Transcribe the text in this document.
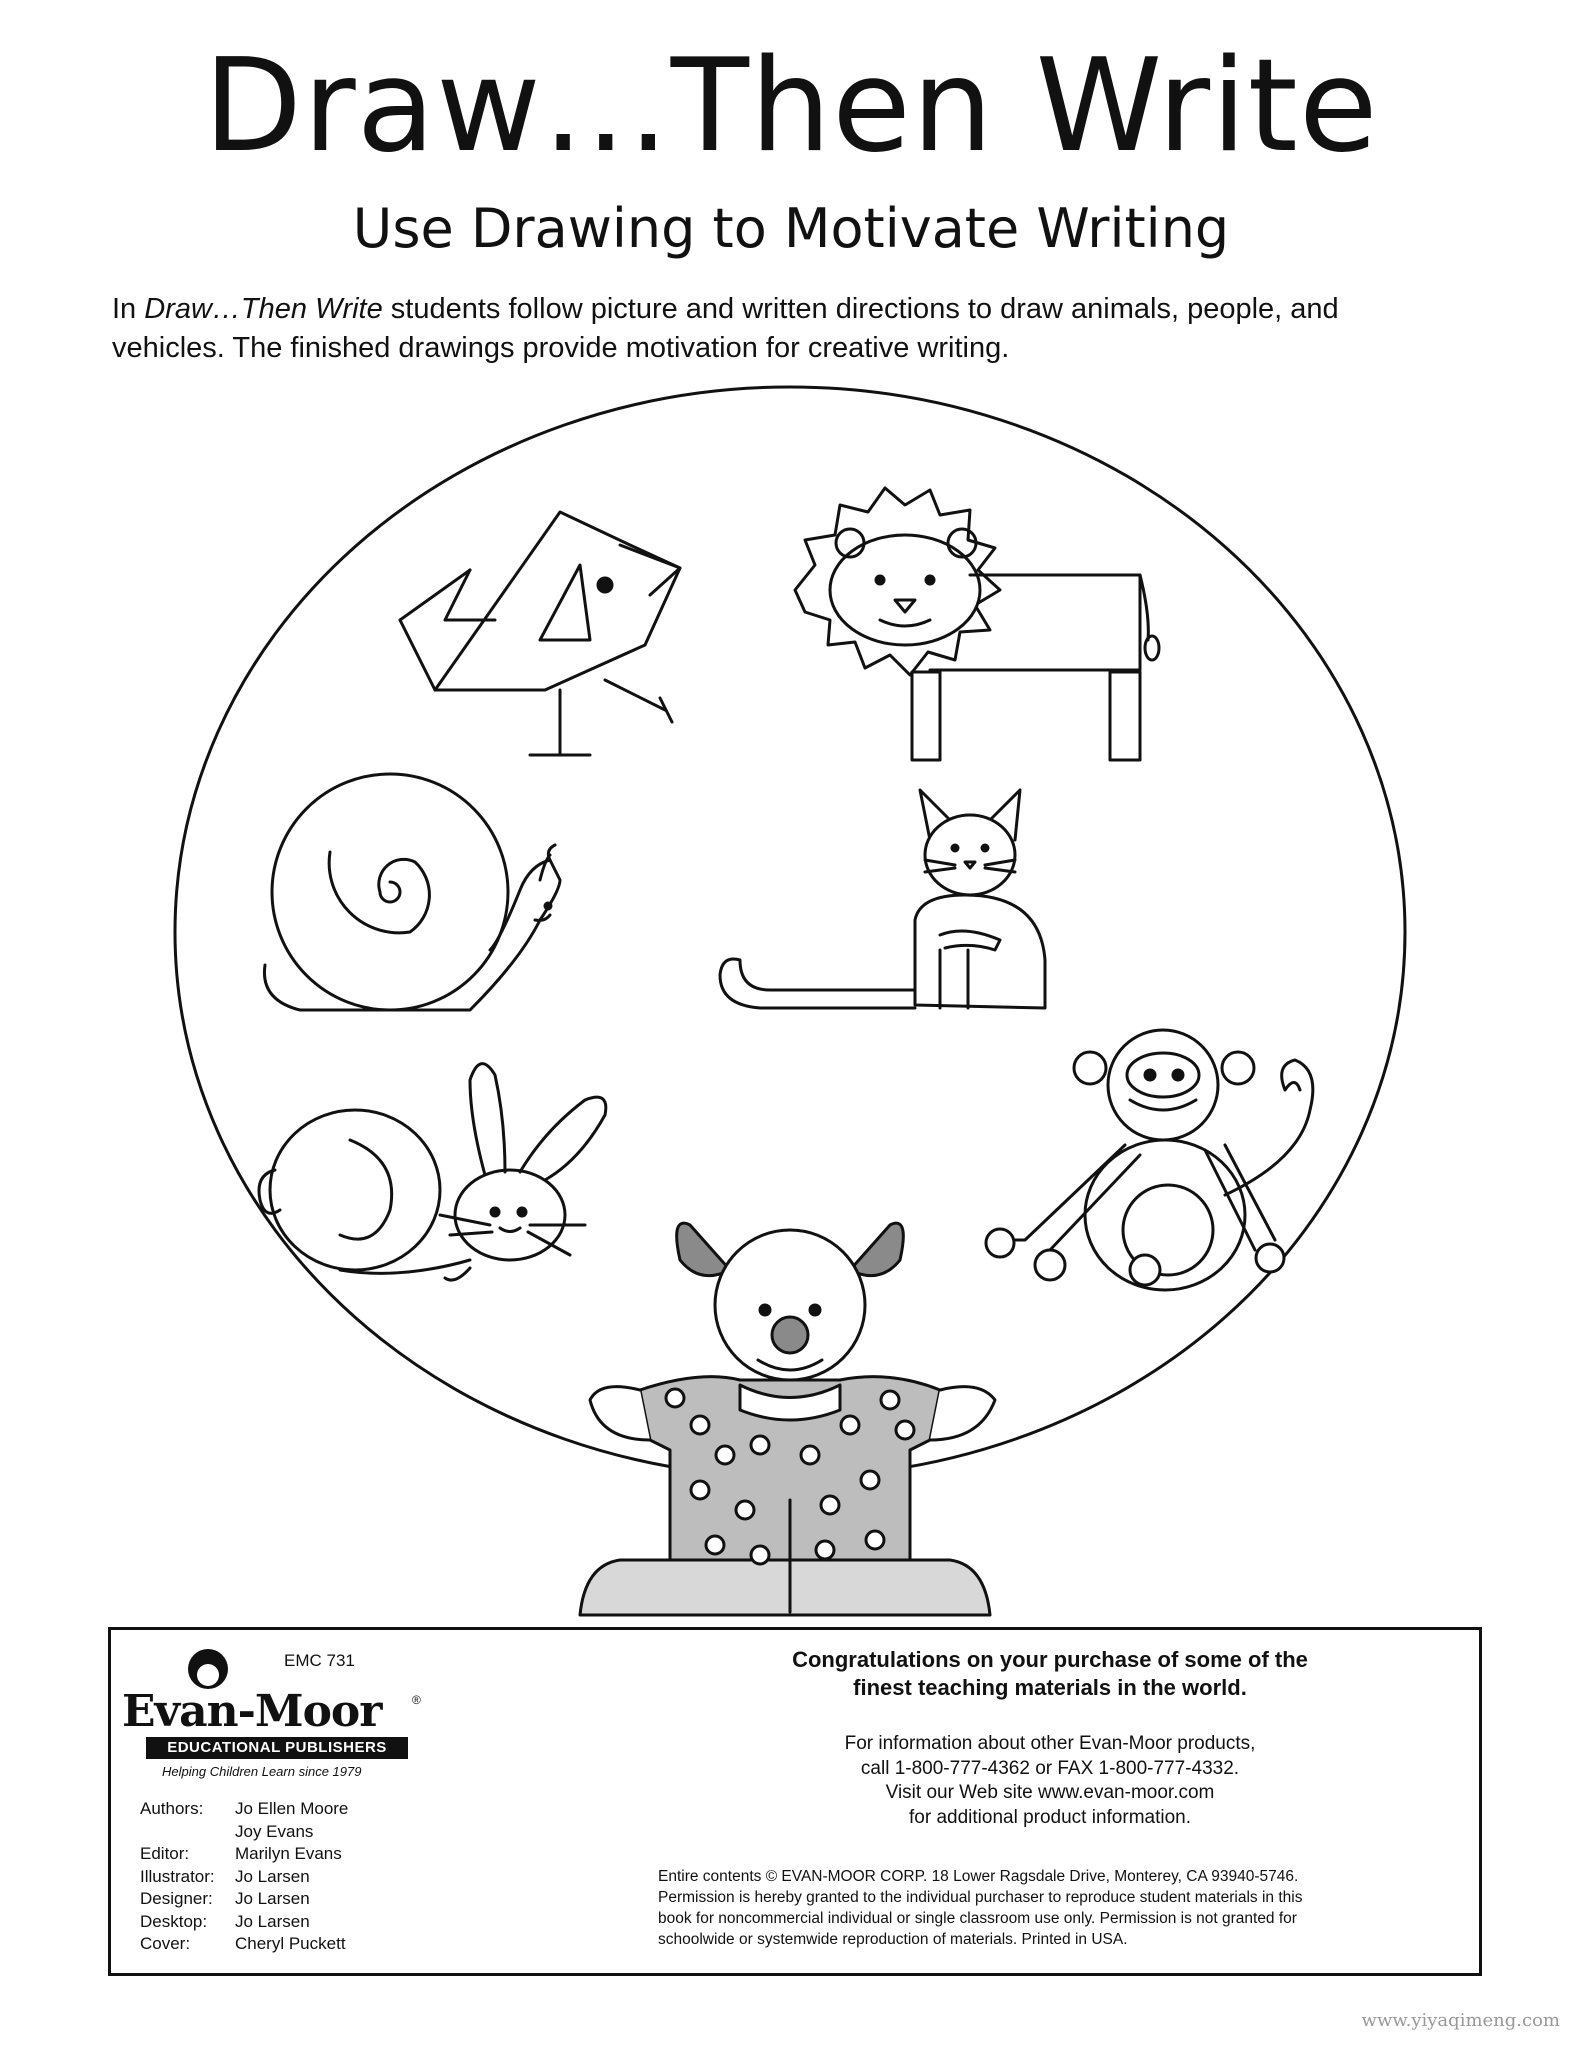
Draw…Then Write
Use Drawing to Motivate Writing
In Draw…Then Write students follow picture and written directions to draw animals, people, and vehicles. The finished drawings provide motivation for creative writing.
EMC 731
Evan-Moor	®
EDUCATIONAL PUBLISHERS
Helping Children Learn since 1979
Authors:	Jo Ellen Moore
Joy Evans
Editor:	Marilyn Evans
Illustrator:	Jo Larsen
Designer:	Jo Larsen
Desktop:	Jo Larsen
Cover:	Cheryl Puckett
Congratulations on your purchase of some of the
finest teaching materials in the world.
For information about other Evan-Moor products,
call 1-800-777-4362 or FAX 1-800-777-4332.
Visit our Web site www.evan-moor.com
for additional product information.
Entire contents © EVAN-MOOR CORP. 18 Lower Ragsdale Drive, Monterey, CA 93940-5746.
Permission is hereby granted to the individual purchaser to reproduce student materials in this
book for noncommercial individual or single classroom use only. Permission is not granted for
schoolwide or systemwide reproduction of materials. Printed in USA.
www.yiyaqimeng.com
